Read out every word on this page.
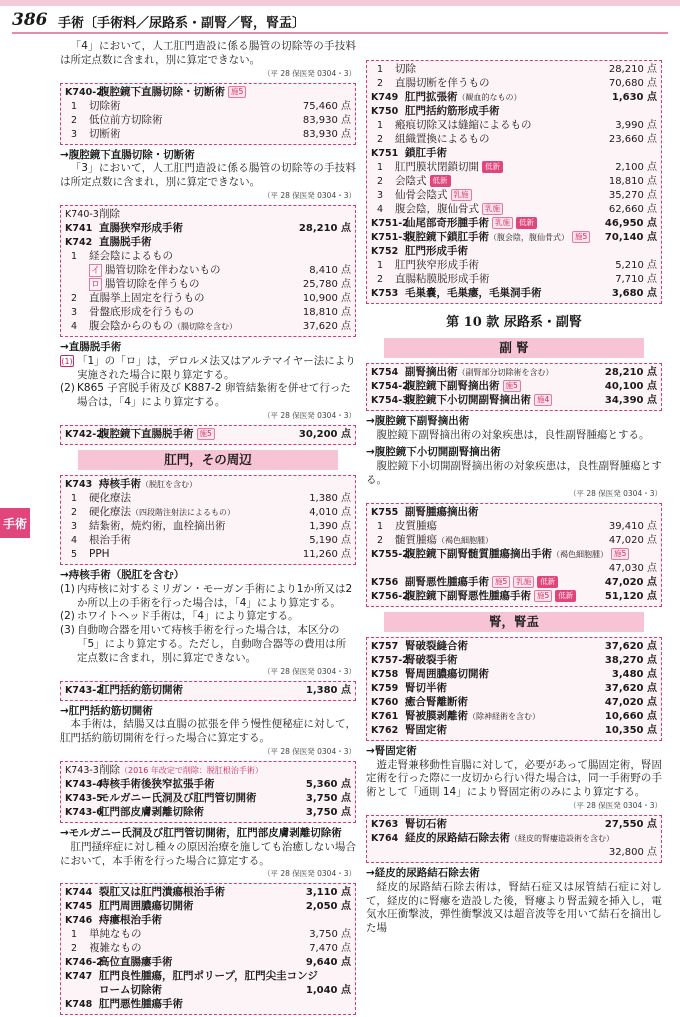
386 手術〔手術料／尿路系・副腎／腎，腎盂〕
手術

「4」において，人工肛門造設に係る腸管の切除等の手技料は所定点数に含まれ，別に算定できない。

（平 28 保医発 0304・3）
K740-2
腹腔鏡下直腸切除・切断術 施5
1	切除術	75,460 点
2	低位前方切除術	83,930 点
3	切断術	83,930 点
→腹腔鏡下直腸切除・切断術

「3」において，人工肛門造設に係る腸管の切除等の手技料は所定点数に含まれ，別に算定できない。

（平 28 保医発 0304・3）
K740-3 削除
K741 直腸狭窄形成手術	28,210 点
K742 直腸脱手術
1	経会陰によるもの
イ 腸管切除を伴わないもの	8,410 点
ロ 腸管切除を伴うもの	25,780 点
2	直腸挙上固定を行うもの	10,900 点
3	骨盤底形成を行うもの	18,810 点
4	腹会陰からのもの（腸切除を含む）	37,620 点
→直腸脱手術
(1) 「1」の「ロ」は，デロルメ法又はアルテマイヤー法により実施された場合に限り算定する。
(2) K865 子宮脱手術及び K887-2 卵管結紮術を併せて行った場合は，「4」により算定する。
（平 28 保医発 0304・3）
K742-2
腹腔鏡下直腸脱手術 施5	30,200 点
肛門，その周辺
K743 痔核手術（脱肛を含む）
1	硬化療法	1,380 点
2	硬化療法（四段階注射法によるもの）	4,010 点
3	結紮術，焼灼術，血栓摘出術	1,390 点
4	根治手術	5,190 点
5	PPH	11,260 点
→痔核手術（脱肛を含む）
(1) 内痔核に対するミリガン・モーガン手術により1か所又は2か所以上の手術を行った場合は，「4」により算定する。
(2) ホワイトヘッド手術は，「4」により算定する。
(3) 自動吻合器を用いて痔核手術を行った場合は，本区分の「5」により算定する。ただし，自動吻合器等の費用は所定点数に含まれ，別に算定できない。
（平 28 保医発 0304・3）
K743-2
肛門括約筋切開術	1,380 点
→肛門括約筋切開術

本手術は，結腸又は直腸の拡張を伴う慢性便秘症に対して，肛門括約筋切開術を行った場合に算定する。

（平 28 保医発 0304・3）
K743-3 削除（2016 年改定で削除：脱肛根治手術）
K743-4
痔核手術後狭窄拡張手術	5,360 点
K743-5
モルガニー氏洞及び肛門管切開術	3,750 点
K743-6
肛門部皮膚剥離切除術	3,750 点
→モルガニー氏洞及び肛門管切開術，肛門部皮膚剥離切除術

肛門掻痒症に対し種々の原因治療を施しても治癒しない場合において，本手術を行った場合に算定する。

（平 28 保医発 0304・3）
K744 裂肛又は肛門潰瘍根治手術	3,110 点
K745 肛門周囲膿瘍切開術	2,050 点
K746 痔瘻根治手術
1	単純なもの	3,750 点
2	複雑なもの	7,470 点
K746-2
高位直腸瘻手術	9,640 点
K747 肛門良性腫瘍，肛門ポリープ，肛門尖圭コンジ
ローム切除術	1,040 点
K748 肛門悪性腫瘍手術
1	切除	28,210 点
2	直腸切断を伴うもの	70,680 点
K749 肛門拡張術（観血的なもの）	1,630 点
K750 肛門括約筋形成手術
1	瘢痕切除又は縫縮によるもの	3,990 点
2	組織置換によるもの	23,660 点
K751 鎖肛手術
1	肛門膜状閉鎖切開 低新	2,100 点
2	会陰式 低新	18,810 点
3	仙骨会陰式 乳施	35,270 点
4	腹会陰，腹仙骨式 乳施	62,660 点
K751-2
仙尾部奇形腫手術 乳施 低新	46,950 点
K751-3
腹腔鏡下鎖肛手術（腹会陰，腹仙骨式） 施5	70,140 点
K752 肛門形成手術
1	肛門狭窄形成手術	5,210 点
2	直腸粘膜脱形成手術	7,710 点
K753 毛巣嚢，毛巣瘻，毛巣洞手術	3,680 点
第 10 款 尿路系・副腎
副 腎
K754 副腎摘出術（副腎部分切除術を含む）	28,210 点
K754-2
腹腔鏡下副腎摘出術 施5	40,100 点
K754-3
腹腔鏡下小切開副腎摘出術 施4	34,390 点
→腹腔鏡下副腎摘出術

腹腔鏡下副腎摘出術の対象疾患は，良性副腎腫瘍とする。

→腹腔鏡下小切開副腎摘出術

腹腔鏡下小切開副腎摘出術の対象疾患は，良性副腎腫瘍とする。

（平 28 保医発 0304・3）
K755 副腎腫瘍摘出術
1	皮質腫瘍	39,410 点
2	髄質腫瘍（褐色細胞腫）	47,020 点
K755-2
腹腔鏡下副腎髄質腫瘍摘出手術（褐色細胞腫） 施5
47,030 点
K756 副腎悪性腫瘍手術 施5 乳施 低新	47,020 点
K756-2
腹腔鏡下副腎悪性腫瘍手術 施5 低新	51,120 点
腎，腎盂
K757 腎破裂縫合術	37,620 点
K757-2
腎破裂手術	38,270 点
K758 腎周囲膿瘍切開術	3,480 点
K759 腎切半術	37,620 点
K760 癒合腎離断術	47,020 点
K761 腎被膜剥離術（除神経術を含む）	10,660 点
K762 腎固定術	10,350 点
→腎固定術

遊走腎兼移動性盲腸に対して，必要があって腸固定術，腎固定術を行った際に一皮切から行い得た場合は，同一手術野の手術として「通則 14」により腎固定術のみにより算定する。

（平 28 保医発 0304・3）
K763 腎切石術	27,550 点
K764 経皮的尿路結石除去術（経皮的腎瘻造設術を含む）
32,800 点
→経皮的尿路結石除去術

経皮的尿路結石除去術は，腎結石症又は尿管結石症に対して，経皮的に腎瘻を造設した後，腎瘻より腎盂鏡を挿入し，電気水圧衝撃波，弾性衝撃波又は超音波等を用いて結石を摘出した場
